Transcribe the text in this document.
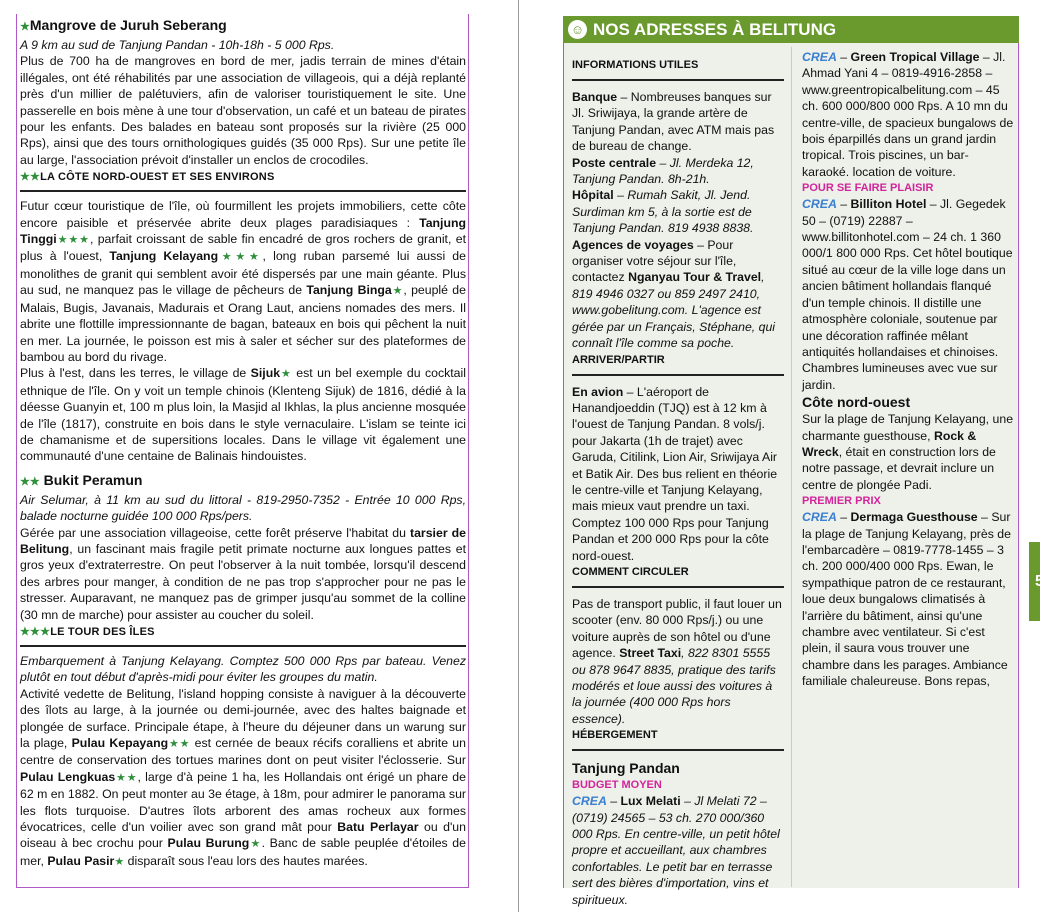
★Mangrove de Juruh Seberang

A 9 km au sud de Tanjung Pandan - 10h-18h - 5 000 Rps.

Plus de 700 ha de mangroves en bord de mer, jadis terrain de mines d'étain illégales, ont été réhabilités par une association de villageois, qui a déjà replanté près d'un millier de palétuviers, afin de valoriser touristiquement le site. Une passerelle en bois mène à une tour d'observation, un café et un bateau de pirates pour les enfants. Des balades en bateau sont proposés sur la rivière (25 000 Rps), ainsi que des tours ornithologiques guidés (35 000 Rps). Sur une petite île au large, l'association prévoit d'installer un enclos de crocodiles.

★★LA CÔTE NORD-OUEST ET SES ENVIRONS

Futur cœur touristique de l'île, où fourmillent les projets immobiliers, cette côte encore paisible et préservée abrite deux plages paradisiaques : Tanjung Tinggi★★★, parfait croissant de sable fin encadré de gros rochers de granit, et plus à l'ouest, Tanjung Kelayang★★★, long ruban parsemé lui aussi de monolithes de granit qui semblent avoir été dispersés par une main géante. Plus au sud, ne manquez pas le village de pêcheurs de Tanjung Binga★, peuplé de Malais, Bugis, Javanais, Madurais et Orang Laut, anciens nomades des mers. Il abrite une flottille impressionnante de bagan, bateaux en bois qui pêchent la nuit en mer. La journée, le poisson est mis à saler et sécher sur des plateformes de bambou au bord du rivage.

Plus à l'est, dans les terres, le village de Sijuk★ est un bel exemple du cocktail ethnique de l'île. On y voit un temple chinois (Klenteng Sijuk) de 1816, dédié à la déesse Guanyin et, 100 m plus loin, la Masjid al Ikhlas, la plus ancienne mosquée de l'île (1817), construite en bois dans le style vernaculaire. L'islam se teinte ici de chamanisme et de supersitions locales. Dans le village vit également une communauté d'une centaine de Balinais hindouistes.

★★ Bukit Peramun

Air Selumar, à 11 km au sud du littoral - 819-2950-7352 - Entrée 10 000 Rps, balade nocturne guidée 100 000 Rps/pers.

Gérée par une association villageoise, cette forêt préserve l'habitat du tarsier de Belitung, un fascinant mais fragile petit primate nocturne aux longues pattes et gros yeux d'extraterrestre. On peut l'observer à la nuit tombée, lorsqu'il descend des arbres pour manger, à condition de ne pas trop s'approcher pour ne pas le stresser. Auparavant, ne manquez pas de grimper jusqu'au sommet de la colline (30 mn de marche) pour assister au coucher du soleil.

★★★LE TOUR DES ÎLES

Embarquement à Tanjung Kelayang. Comptez 500 000 Rps par bateau. Venez plutôt en tout début d'après-midi pour éviter les groupes du matin.

Activité vedette de Belitung, l'island hopping consiste à naviguer à la découverte des îlots au large, à la journée ou demi-journée, avec des haltes baignade et plongée de surface. Principale étape, à l'heure du déjeuner dans un warung sur la plage, Pulau Kepayang★★ est cernée de beaux récifs coralliens et abrite un centre de conservation des tortues marines dont on peut visiter l'éclosserie. Sur Pulau Lengkuas★★, large d'à peine 1 ha, les Hollandais ont érigé un phare de 62 m en 1882. On peut monter au 3e étage, à 18m, pour admirer le panorama sur les flots turquoise. D'autres îlots arborent des amas rocheux aux formes évocatrices, celle d'un voilier avec son grand mât pour Batu Perlayar ou d'un oiseau à bec crochu pour Pulau Burung★. Banc de sable peuplée d'étoiles de mer, Pulau Pasir★ disparaît sous l'eau lors des hautes marées.

☺ NOS ADRESSES À BELITUNG

INFORMATIONS UTILES

Banque – Nombreuses banques sur Jl. Sriwijaya, la grande artère de Tanjung Pandan, avec ATM mais pas de bureau de change.

Poste centrale – Jl. Merdeka 12, Tanjung Pandan. 8h-21h.

Hôpital – Rumah Sakit, Jl. Jend. Surdiman km 5, à la sortie est de Tanjung Pandan. 819 4938 8838.

Agences de voyages – Pour organiser votre séjour sur l'île, contactez Nganyau Tour & Travel, 819 4946 0327 ou 859 2497 2410, www.gobelitung.com. L'agence est gérée par un Français, Stéphane, qui connaît l'île comme sa poche.

ARRIVER/PARTIR

En avion – L'aéroport de Hanandjoeddin (TJQ) est à 12 km à l'ouest de Tanjung Pandan. 8 vols/j. pour Jakarta (1h de trajet) avec Garuda, Citilink, Lion Air, Sriwijaya Air et Batik Air. Des bus relient en théorie le centre-ville et Tanjung Kelayang, mais mieux vaut prendre un taxi. Comptez 100 000 Rps pour Tanjung Pandan et 200 000 Rps pour la côte nord-ouest.

COMMENT CIRCULER

Pas de transport public, il faut louer un scooter (env. 80 000 Rps/j.) ou une voiture auprès de son hôtel ou d'une agence. Street Taxi, 822 8301 5555 ou 878 9647 8835, pratique des tarifs modérés et loue aussi des voitures à la journée (400 000 Rps hors essence).

HÉBERGEMENT

Tanjung Pandan

BUDGET MOYEN

CREA – Lux Melati – Jl Melati 72 – (0719) 24565 – 53 ch. 270 000/360 000 Rps. En centre-ville, un petit hôtel propre et accueillant, aux chambres confortables. Le petit bar en terrasse sert des bières d'importation, vins et spiritueux.

CREA – Green Tropical Village – Jl. Ahmad Yani 4 – 0819-4916-2858 – www.greentropicalbelitung.com – 45 ch. 600 000/800 000 Rps. A 10 mn du centre-ville, de spacieux bungalows de bois éparpillés dans un grand jardin tropical. Trois piscines, un bar-karaoké. location de voiture.

POUR SE FAIRE PLAISIR

CREA – Billiton Hotel – Jl. Gegedek 50 – (0719) 22887 – www.billitonhotel.com – 24 ch. 1 360 000/1 800 000 Rps. Cet hôtel boutique situé au cœur de la ville loge dans un ancien bâtiment hollandais flanqué d'un temple chinois. Il distille une atmosphère coloniale, soutenue par une décoration raffinée mêlant antiquités hollandaises et chinoises. Chambres lumineuses avec vue sur jardin.

Côte nord-ouest

Sur la plage de Tanjung Kelayang, une charmante guesthouse, Rock & Wreck, était en construction lors de notre passage, et devrait inclure un centre de plongée Padi.

PREMIER PRIX

CREA – Dermaga Guesthouse – Sur la plage de Tanjung Kelayang, près de l'embarcadère – 0819-7778-1455 – 3 ch. 200 000/400 000 Rps. Ewan, le sympathique patron de ce restaurant, loue deux bungalows climatisés à l'arrière du bâtiment, ainsi qu'une chambre avec ventilateur. Si c'est plein, il saura vous trouver une chambre dans les parages. Ambiance familiale chaleureuse. Bons repas,

5
